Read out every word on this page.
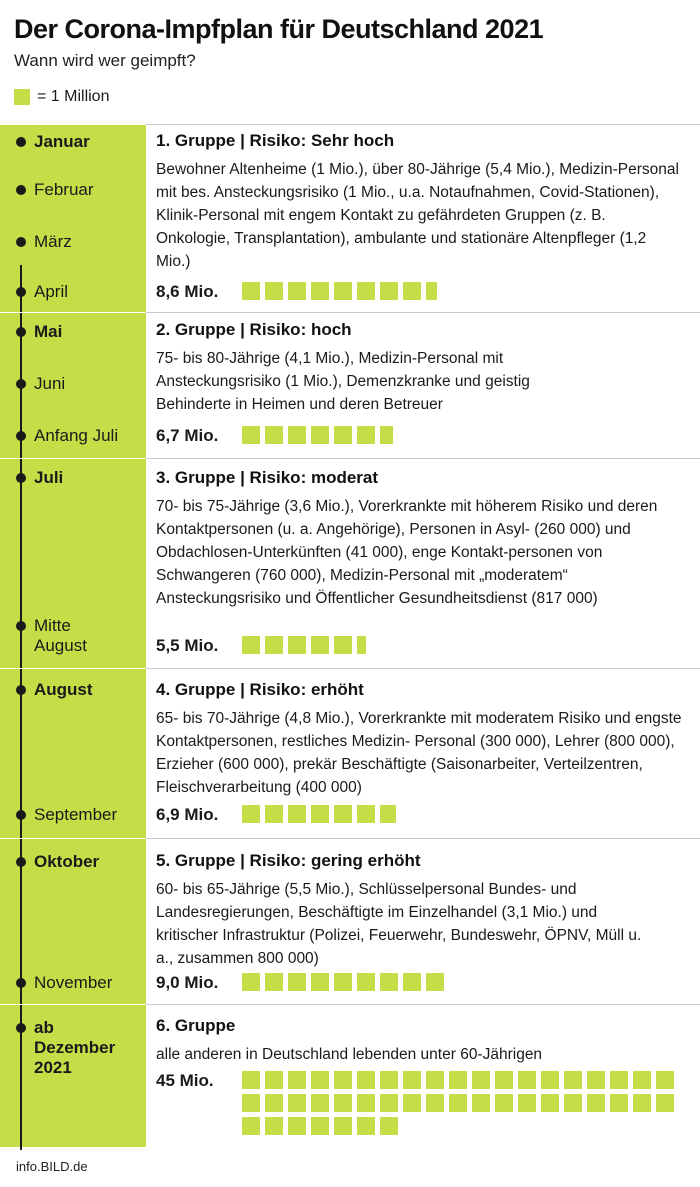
Der Corona-Impfplan für Deutschland 2021
Wann wird wer geimpft?
= 1 Million
Januar
Februar
März
April
Mai
Juni
Anfang Juli
Juli
Mitte August
August
September
Oktober
November
ab Dezember 2021
1. Gruppe | Risiko: Sehr hoch

Bewohner Altenheime (1 Mio.), über 80-Jährige (5,4 Mio.), Medizin-Personal mit bes. Ansteckungsrisiko (1 Mio., u.a. Notaufnahmen, Covid-Stationen), Klinik-Personal mit engem Kontakt zu gefährdeten Gruppen (z. B. Onkologie, Transplantation), ambulante und stationäre Altenpfleger (1,2 Mio.)

8,6 Mio.
2. Gruppe | Risiko: hoch

75- bis 80-Jährige (4,1 Mio.), Medizin-Personal mit Ansteckungsrisiko (1 Mio.), Demenzkranke und geistig Behinderte in Heimen und deren Betreuer

6,7 Mio.
3. Gruppe | Risiko: moderat

70- bis 75-Jährige (3,6 Mio.), Vorerkrankte mit höherem Risiko und deren Kontaktpersonen (u. a. Angehörige), Personen in Asyl- (260 000) und Obdachlosen-Unterkünften (41 000), enge Kontakt-personen von Schwangeren (760 000), Medizin-Personal mit „moderatem“ Ansteckungsrisiko und Öffentlicher Gesundheitsdienst (817 000)

5,5 Mio.
4. Gruppe | Risiko: erhöht

65- bis 70-Jährige (4,8 Mio.), Vorerkrankte mit moderatem Risiko und engste Kontaktpersonen, restliches Medizin- Personal (300 000), Lehrer (800 000), Erzieher (600 000), prekär Beschäftigte (Saisonarbeiter, Verteilzentren, Fleischverarbeitung (400 000)

6,9 Mio.
5. Gruppe | Risiko: gering erhöht

60- bis 65-Jährige (5,5 Mio.), Schlüsselpersonal Bundes- und Landesregierungen, Beschäftigte im Einzelhandel (3,1 Mio.) und kritischer Infrastruktur (Polizei, Feuerwehr, Bundeswehr, ÖPNV, Müll u. a., zusammen 800 000)

9,0 Mio.
6. Gruppe

alle anderen in Deutschland lebenden unter 60-Jährigen

45 Mio.
info.BILD.de
